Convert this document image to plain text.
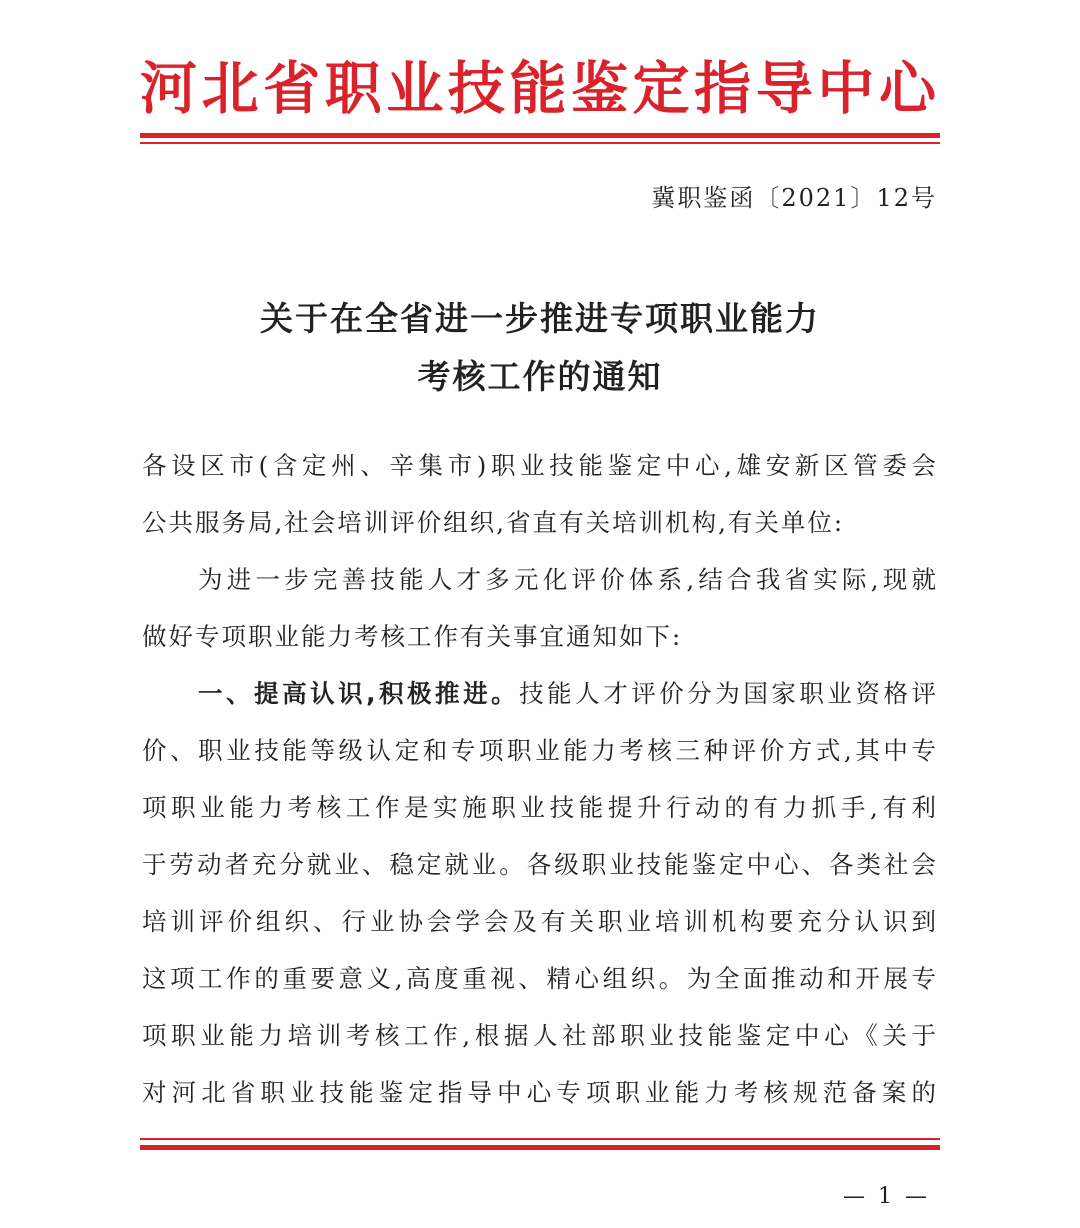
河北省职业技能鉴定指导中心
冀职鉴函〔2021〕12号
关于在全省进一步推进专项职业能力
考核工作的通知
各设区市(含定州、辛集市)职业技能鉴定中心,雄安新区管委会
公共服务局,社会培训评价组织,省直有关培训机构,有关单位:
为进一步完善技能人才多元化评价体系,结合我省实际,现就
做好专项职业能力考核工作有关事宜通知如下:
一、提高认识,积极推进。技能人才评价分为国家职业资格评
价、职业技能等级认定和专项职业能力考核三种评价方式,其中专
项职业能力考核工作是实施职业技能提升行动的有力抓手,有利
于劳动者充分就业、稳定就业。各级职业技能鉴定中心、各类社会
培训评价组织、行业协会学会及有关职业培训机构要充分认识到
这项工作的重要意义,高度重视、精心组织。为全面推动和开展专
项职业能力培训考核工作,根据人社部职业技能鉴定中心《关于
对河北省职业技能鉴定指导中心专项职业能力考核规范备案的
— 1 —
